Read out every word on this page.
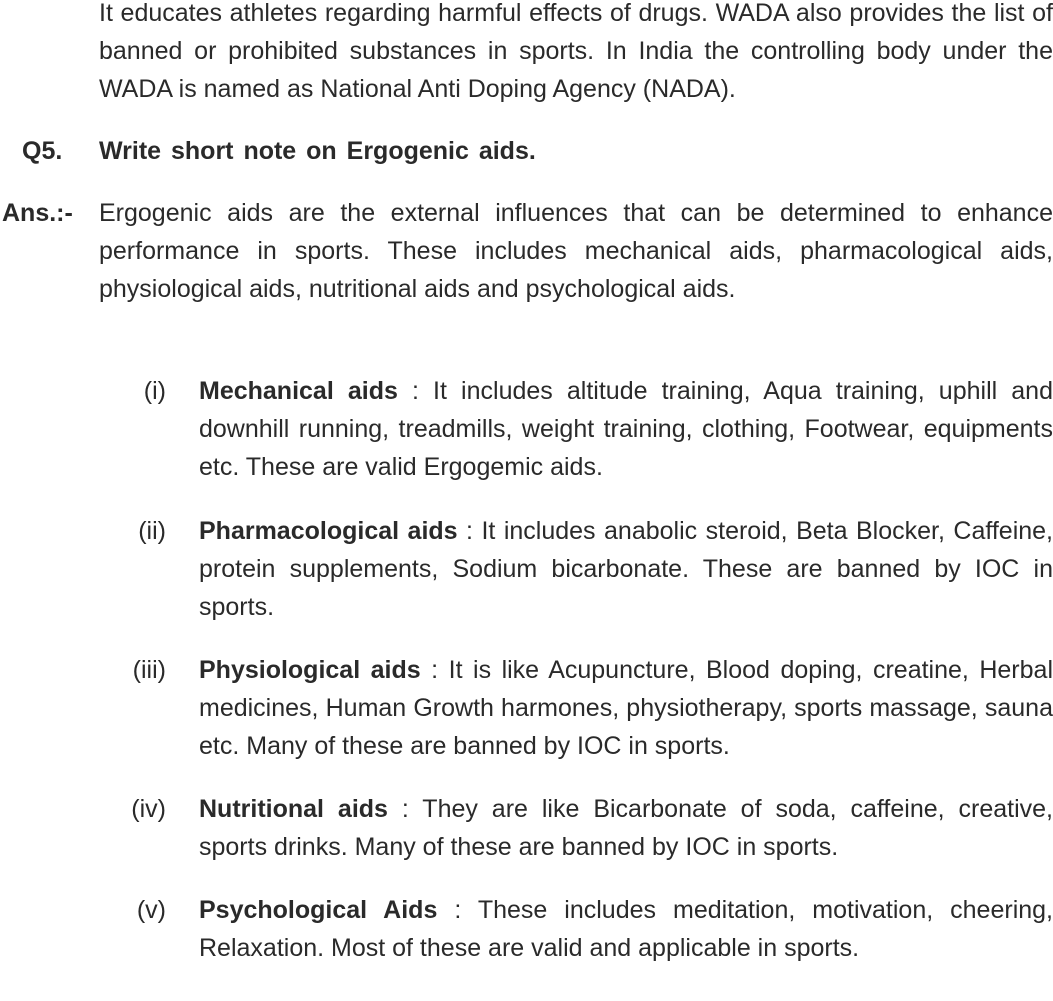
It educates athletes regarding harmful effects of drugs. WADA also provides the list of banned or prohibited substances in sports. In India the controlling body under the WADA is named as National Anti Doping Agency (NADA).

Q5. Write short note on Ergogenic aids.
Ans.:- Ergogenic aids are the external influences that can be determined to enhance performance in sports. These includes mechanical aids, pharmacological aids, physiological aids, nutritional aids and psychological aids.

(i) Mechanical aids : It includes altitude training, Aqua training, uphill and downhill running, treadmills, weight training, clothing, Footwear, equipments etc. These are valid Ergogemic aids.

(ii) Pharmacological aids : It includes anabolic steroid, Beta Blocker, Caffeine, protein supplements, Sodium bicarbonate. These are banned by IOC in sports.

(iii) Physiological aids : It is like Acupuncture, Blood doping, creatine, Herbal medicines, Human Growth harmones, physiotherapy, sports massage, sauna etc. Many of these are banned by IOC in sports.

(iv) Nutritional aids : They are like Bicarbonate of soda, caffeine, creative, sports drinks. Many of these are banned by IOC in sports.

(v) Psychological Aids : These includes meditation, motivation, cheering, Relaxation. Most of these are valid and applicable in sports.
